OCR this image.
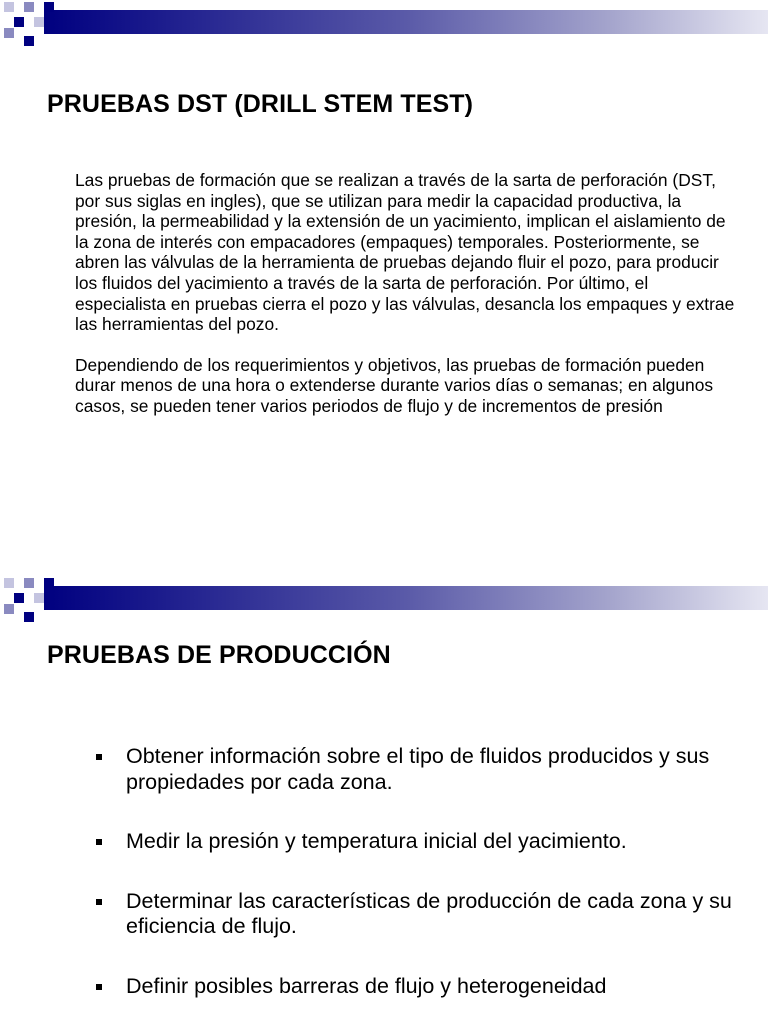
PRUEBAS DST (DRILL STEM TEST)

Las pruebas de formación que se realizan a través de la sarta de perforación (DST, por sus siglas en ingles), que se utilizan para medir la capacidad productiva, la presión, la permeabilidad y la extensión de un yacimiento, implican el aislamiento de la zona de interés con empacadores (empaques) temporales. Posteriormente, se abren las válvulas de la herramienta de pruebas dejando fluir el pozo, para producir los fluidos del yacimiento a través de la sarta de perforación. Por último, el especialista en pruebas cierra el pozo y las válvulas, desancla los empaques y extrae las herramientas del pozo.

Dependiendo de los requerimientos y objetivos, las pruebas de formación pueden durar menos de una hora o extenderse durante varios días o semanas; en algunos casos, se pueden tener varios periodos de flujo y de incrementos de presión

PRUEBAS DE PRODUCCIÓN
Obtener información sobre el tipo de fluidos producidos y sus propiedades por cada zona.
Medir la presión y temperatura inicial del yacimiento.
Determinar las características de producción de cada zona y su eficiencia de flujo.
Definir posibles barreras de flujo y heterogeneidad
